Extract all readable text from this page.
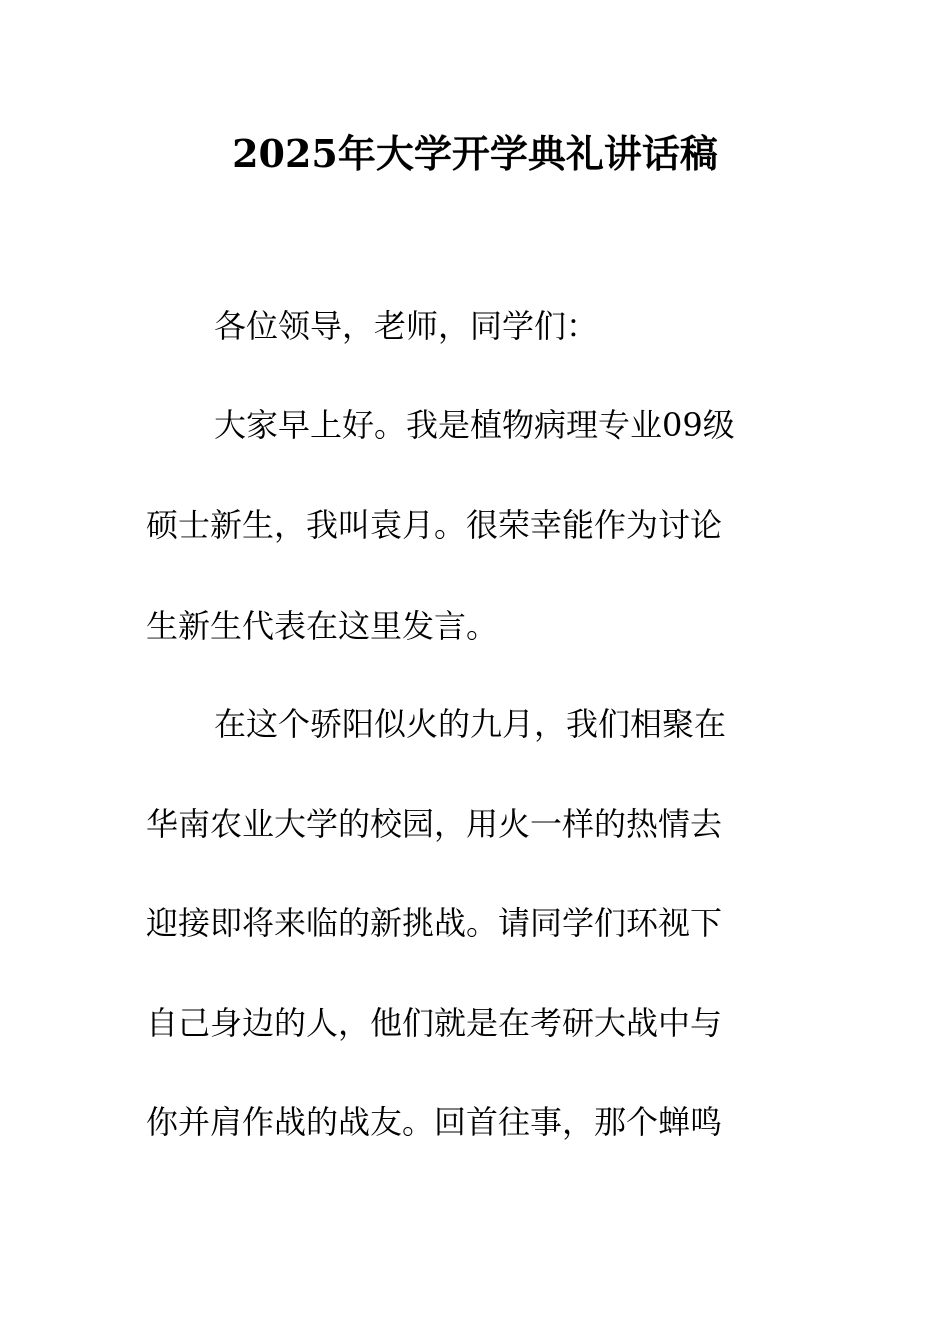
2025年大学开学典礼讲话稿

各位领导，老师，同学们：

大家早上好。我是植物病理专业09级

硕士新生，我叫袁月。很荣幸能作为讨论

生新生代表在这里发言。

在这个骄阳似火的九月，我们相聚在

华南农业大学的校园，用火一样的热情去

迎接即将来临的新挑战。请同学们环视下

自己身边的人，他们就是在考研大战中与

你并肩作战的战友。回首往事，那个蝉鸣
